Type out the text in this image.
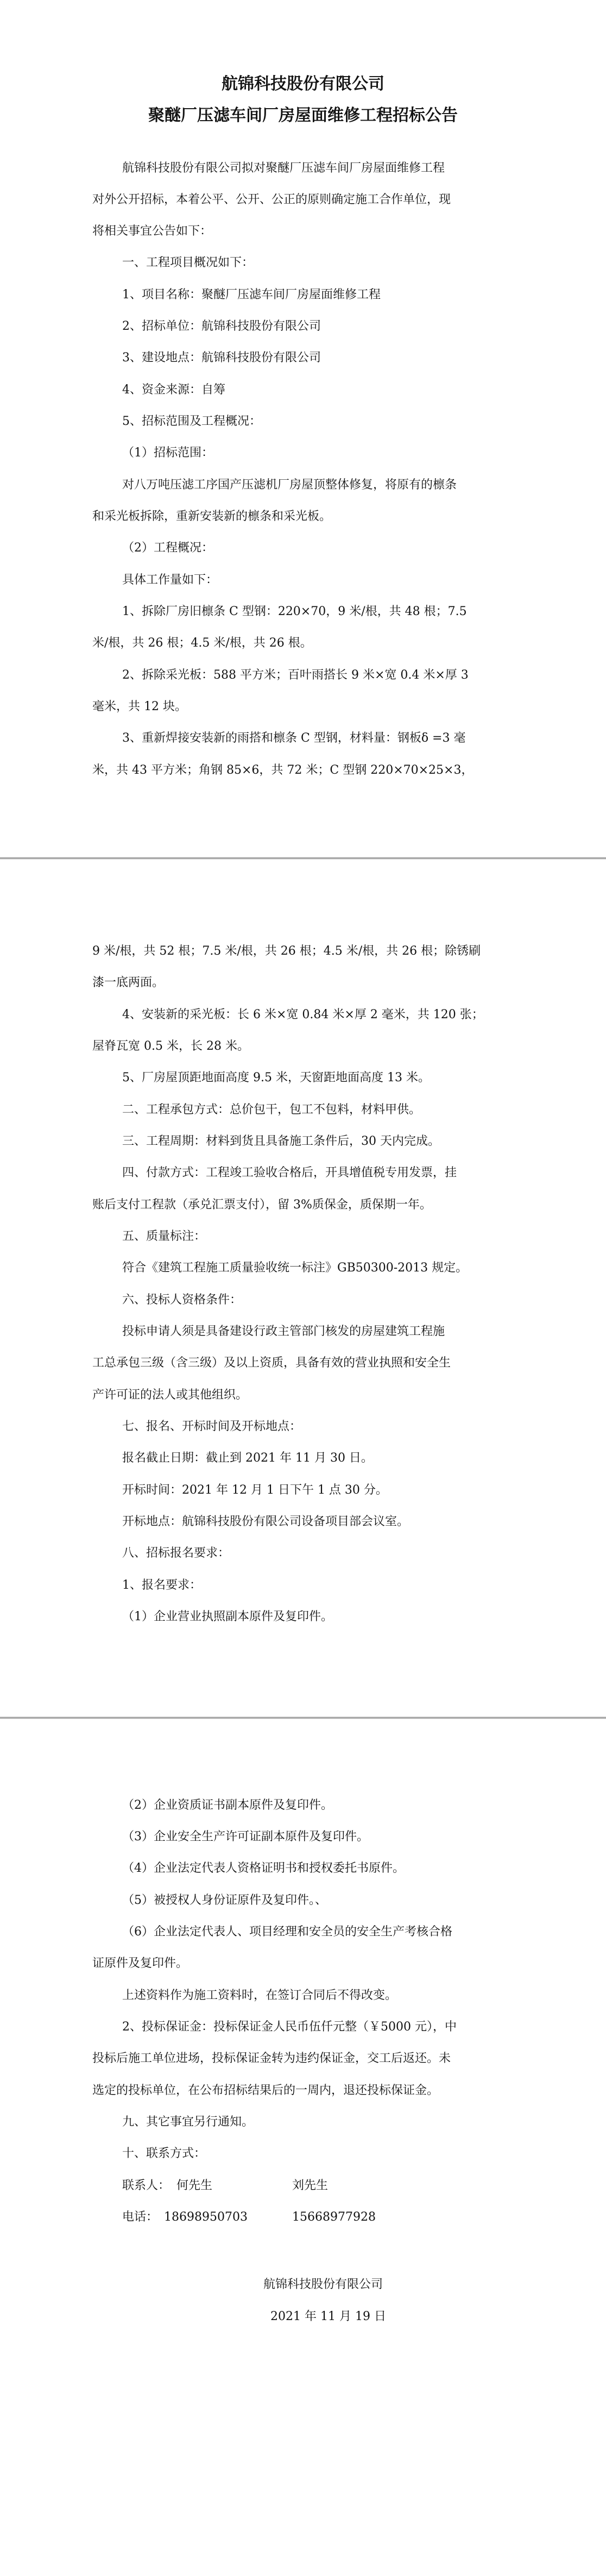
航锦科技股份有限公司
聚醚厂压滤车间厂房屋面维修工程招标公告
航锦科技股份有限公司拟对聚醚厂压滤车间厂房屋面维修工程
对外公开招标，本着公平、公开、公正的原则确定施工合作单位，现
将相关事宜公告如下：
一、工程项目概况如下：
1、项目名称：聚醚厂压滤车间厂房屋面维修工程
2、招标单位：航锦科技股份有限公司
3、建设地点：航锦科技股份有限公司
4、资金来源：自筹
5、招标范围及工程概况：
（1）招标范围：
对八万吨压滤工序国产压滤机厂房屋顶整体修复，将原有的檩条
和采光板拆除，重新安装新的檩条和采光板。
（2）工程概况：
具体工作量如下：
1、拆除厂房旧檩条 C 型钢：220×70，9 米/根，共 48 根；7.5
米/根，共 26 根；4.5 米/根，共 26 根。
2、拆除采光板：588 平方米；百叶雨搭长 9 米×宽 0.4 米×厚 3
毫米，共 12 块。
3、重新焊接安装新的雨搭和檩条 C 型钢，材料量：钢板δ =3 毫
米，共 43 平方米；角钢 85×6，共 72 米；C 型钢 220×70×25×3，
9 米/根，共 52 根；7.5 米/根，共 26 根；4.5 米/根，共 26 根；除锈刷
漆一底两面。
4、安装新的采光板：长 6 米×宽 0.84 米×厚 2 毫米，共 120 张；
屋脊瓦宽 0.5 米，长 28 米。
5、厂房屋顶距地面高度 9.5 米，天窗距地面高度 13 米。
二、工程承包方式：总价包干，包工不包料，材料甲供。
三、工程周期：材料到货且具备施工条件后，30 天内完成。
四、付款方式：工程竣工验收合格后，开具增值税专用发票，挂
账后支付工程款（承兑汇票支付），留 3%质保金，质保期一年。
五、质量标注：
符合《建筑工程施工质量验收统一标注》GB50300-2013 规定。
六、投标人资格条件：
投标申请人须是具备建设行政主管部门核发的房屋建筑工程施
工总承包三级（含三级）及以上资质，具备有效的营业执照和安全生
产许可证的法人或其他组织。
七、报名、开标时间及开标地点：
报名截止日期：截止到 2021 年 11 月 30 日。
开标时间：2021 年 12 月 1 日下午 1 点 30 分。
开标地点：航锦科技股份有限公司设备项目部会议室。
八、招标报名要求：
1、报名要求：
（1）企业营业执照副本原件及复印件。
（2）企业资质证书副本原件及复印件。
（3）企业安全生产许可证副本原件及复印件。
（4）企业法定代表人资格证明书和授权委托书原件。
（5）被授权人身份证原件及复印件。、
（6）企业法定代表人、项目经理和安全员的安全生产考核合格
证原件及复印件。
上述资料作为施工资料时，在签订合同后不得改变。
2、投标保证金：投标保证金人民币伍仟元整（￥5000 元），中
投标后施工单位进场，投标保证金转为违约保证金，交工后返还。未
选定的投标单位，在公布招标结果后的一周内，退还投标保证金。
九、其它事宜另行通知。
十、联系方式：
联系人： 何先生	刘先生
电话： 18698950703	15668977928
航锦科技股份有限公司
2021 年 11 月 19 日
